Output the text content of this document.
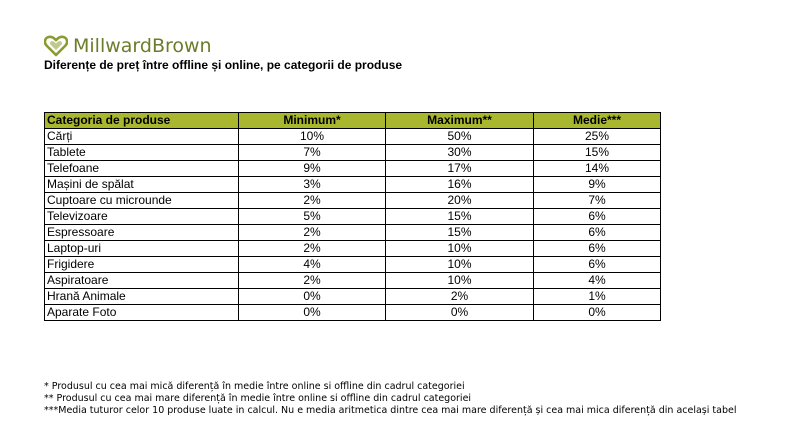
MillwardBrown
Diferențe de preț între offline și online, pe categorii de produse
Categoria de produse	Minimum*	Maximum**	Medie***
Cărți	10%	50%	25%
Tablete	7%	30%	15%
Telefoane	9%	17%	14%
Mașini de spălat	3%	16%	9%
Cuptoare cu microunde	2%	20%	7%
Televizoare	5%	15%	6%
Espressoare	2%	15%	6%
Laptop-uri	2%	10%	6%
Frigidere	4%	10%	6%
Aspiratoare	2%	10%	4%
Hrană Animale	0%	2%	1%
Aparate Foto	0%	0%	0%
* Produsul cu cea mai mică diferență în medie între online si offline din cadrul categoriei
** Produsul cu cea mai mare diferență în medie între online si offline din cadrul categoriei
***Media tuturor celor 10 produse luate in calcul. Nu e media aritmetica dintre cea mai mare diferență și cea mai mica diferență din același tabel
